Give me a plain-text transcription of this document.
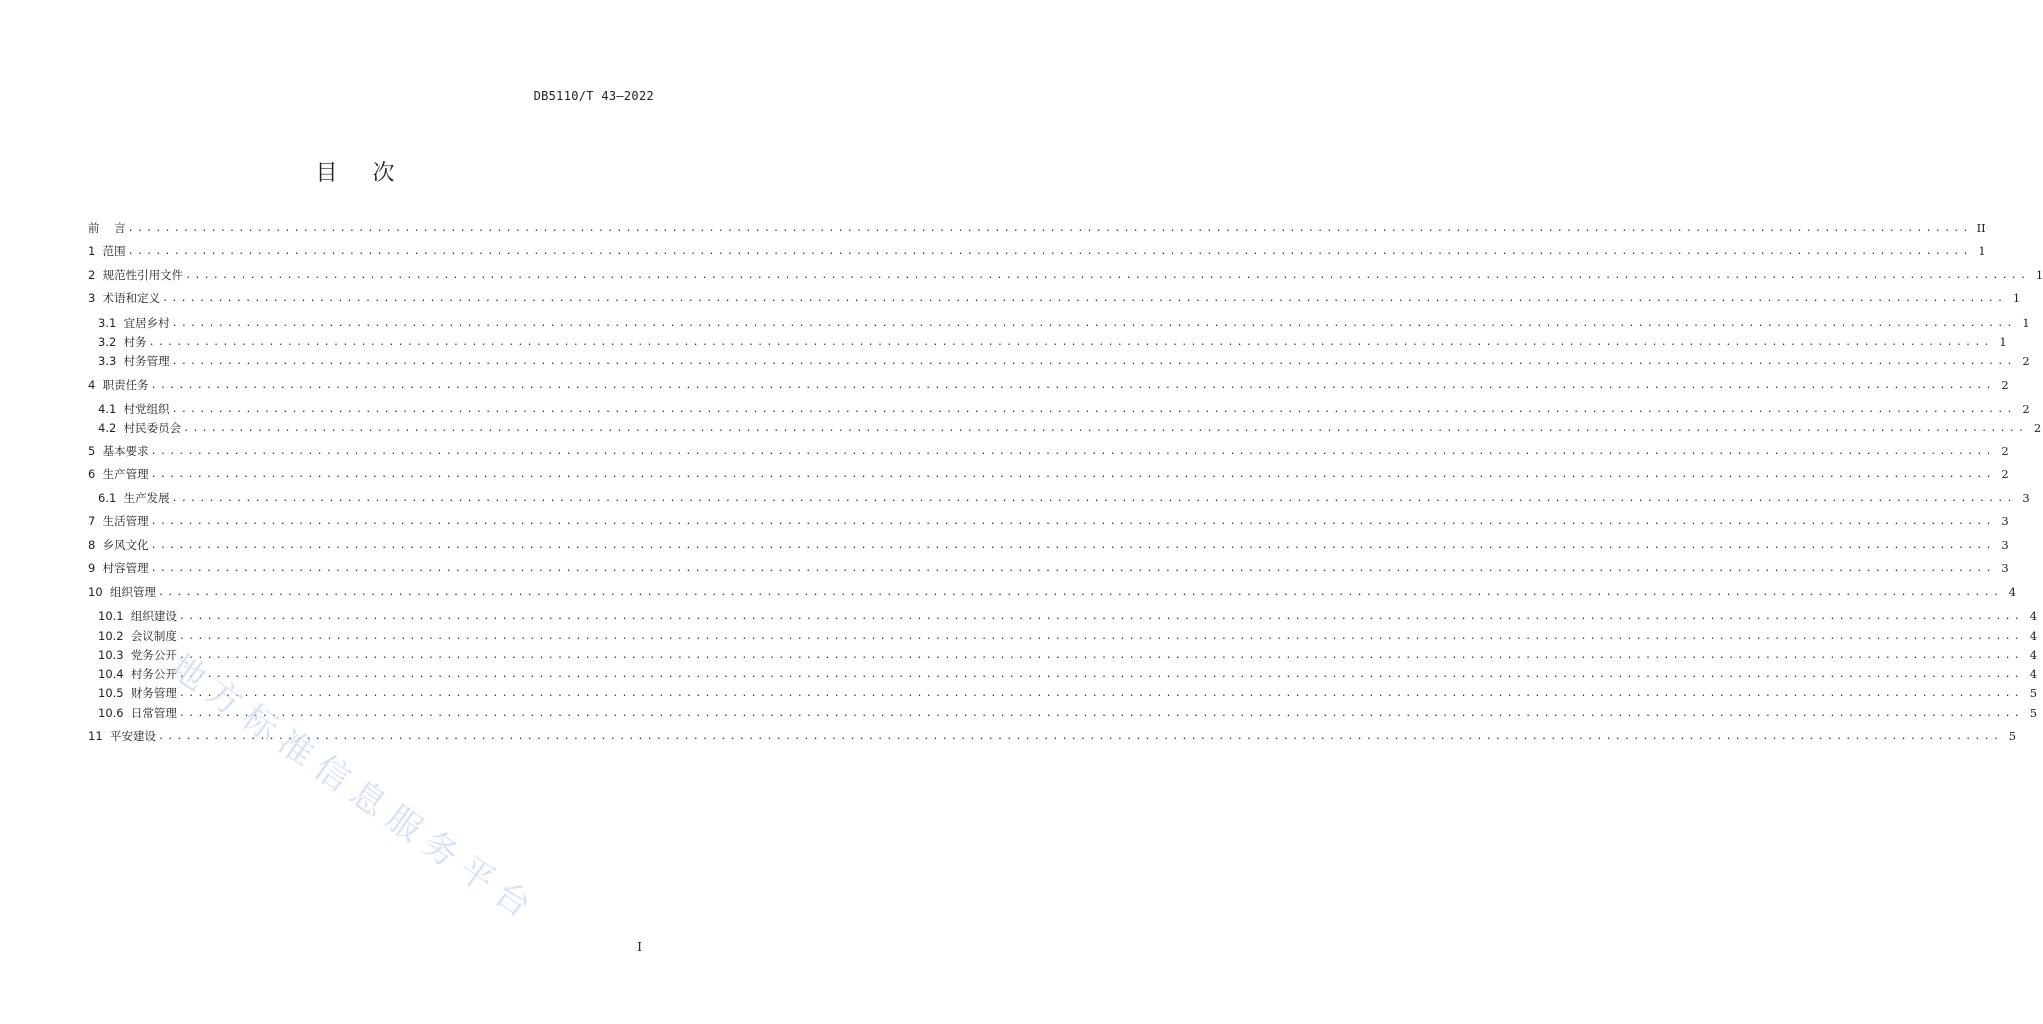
DB5110/T 43—2022
目 次
前 言 ........................................................................................................................................................................................................ II
1 范围 ........................................................................................................................................................................................................ 1
2 规范性引用文件 ........................................................................................................................................................................................................ 1
3 术语和定义 ........................................................................................................................................................................................................ 1
3.1 宜居乡村 ........................................................................................................................................................................................................ 1
3.2 村务 ........................................................................................................................................................................................................ 1
3.3 村务管理 ........................................................................................................................................................................................................ 2
4 职责任务 ........................................................................................................................................................................................................ 2
4.1 村党组织 ........................................................................................................................................................................................................ 2
4.2 村民委员会 ........................................................................................................................................................................................................ 2
5 基本要求 ........................................................................................................................................................................................................ 2
6 生产管理 ........................................................................................................................................................................................................ 2
6.1 生产发展 ........................................................................................................................................................................................................ 3
7 生活管理 ........................................................................................................................................................................................................ 3
8 乡风文化 ........................................................................................................................................................................................................ 3
9 村容管理 ........................................................................................................................................................................................................ 3
10 组织管理 ........................................................................................................................................................................................................ 4
10.1 组织建设 ........................................................................................................................................................................................................ 4
10.2 会议制度 ........................................................................................................................................................................................................ 4
10.3 党务公开 ........................................................................................................................................................................................................ 4
10.4 村务公开 ........................................................................................................................................................................................................ 4
10.5 财务管理 ........................................................................................................................................................................................................ 5
10.6 日常管理 ........................................................................................................................................................................................................ 5
11 平安建设 ........................................................................................................................................................................................................ 5
地方标准信息服务平台
I
